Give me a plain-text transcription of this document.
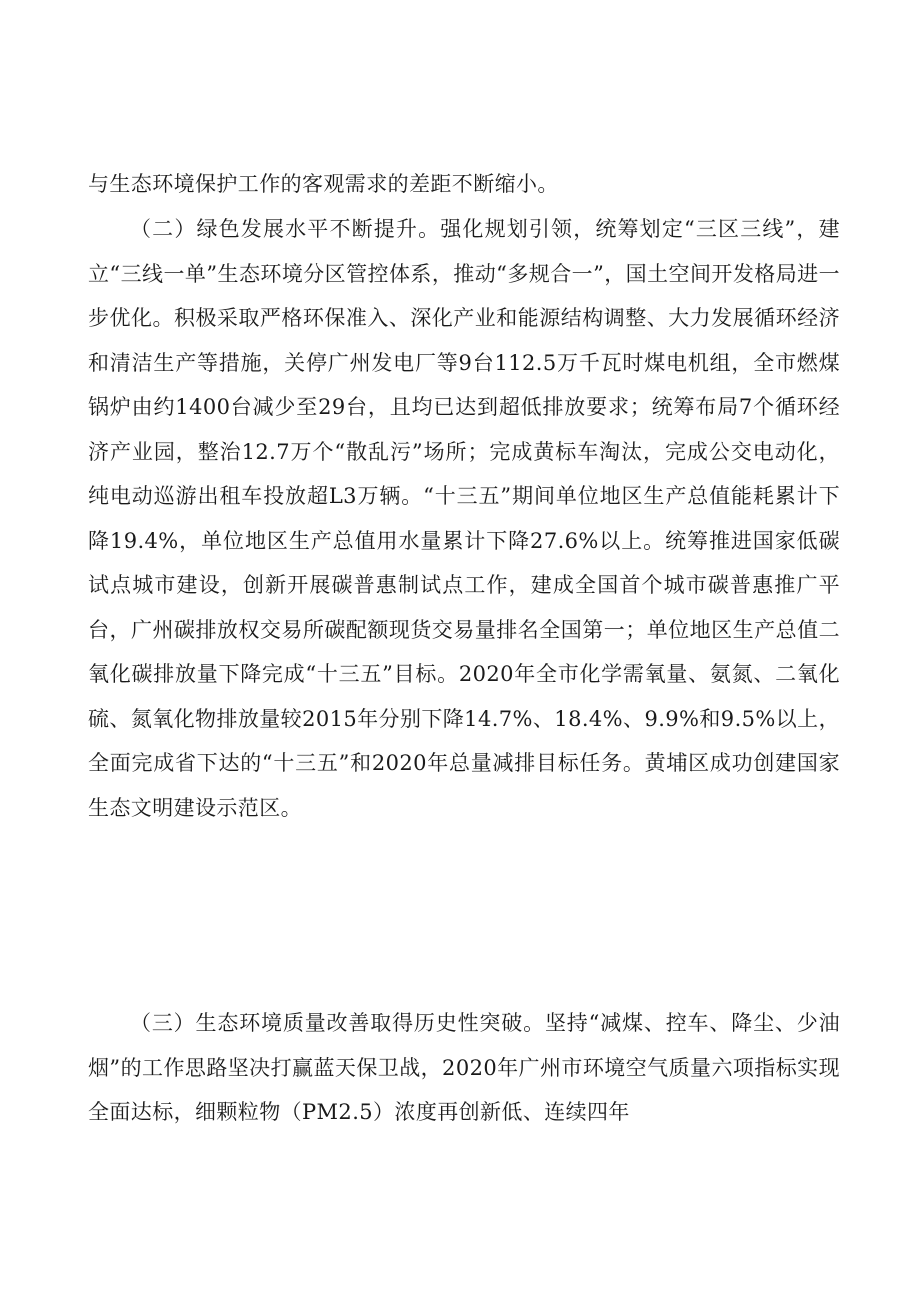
与生态环境保护工作的客观需求的差距不断缩小。

（二）绿色发展水平不断提升。强化规划引领，统筹划定“三区三线”，建立“三线一单”生态环境分区管控体系，推动“多规合一”，国土空间开发格局进一步优化。积极采取严格环保准入、深化产业和能源结构调整、大力发展循环经济和清洁生产等措施，关停广州发电厂等9台112.5万千瓦时煤电机组，全市燃煤锅炉由约1400台减少至29台，且均已达到超低排放要求；统筹布局7个循环经济产业园，整治12.7万个“散乱污”场所；完成黄标车淘汰，完成公交电动化，纯电动巡游出租车投放超L3万辆。“十三五”期间单位地区生产总值能耗累计下降19.4%，单位地区生产总值用水量累计下降27.6%以上。统筹推进国家低碳试点城市建设，创新开展碳普惠制试点工作，建成全国首个城市碳普惠推广平台，广州碳排放权交易所碳配额现货交易量排名全国第一；单位地区生产总值二氧化碳排放量下降完成“十三五”目标。2020年全市化学需氧量、氨氮、二氧化硫、氮氧化物排放量较2015年分别下降14.7%、18.4%、9.9%和9.5%以上，全面完成省下达的“十三五”和2020年总量减排目标任务。黄埔区成功创建国家生态文明建设示范区。

（三）生态环境质量改善取得历史性突破。坚持“减煤、控车、降尘、少油烟”的工作思路坚决打赢蓝天保卫战，2020年广州市环境空气质量六项指标实现全面达标，细颗粒物（PM2.5）浓度再创新低、连续四年
